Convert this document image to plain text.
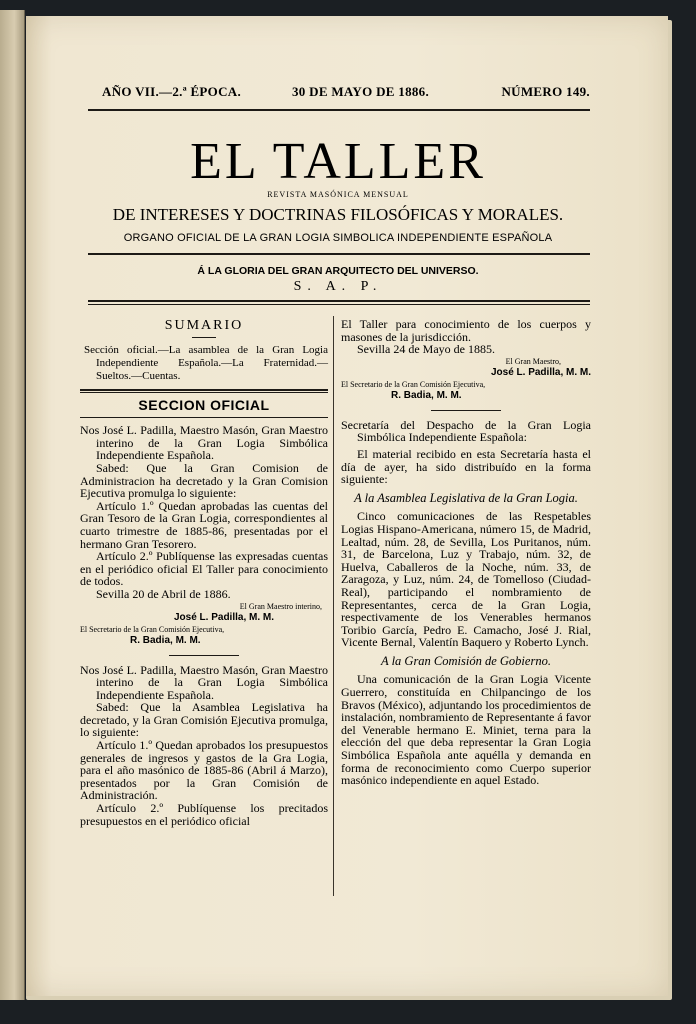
AÑO VII.—2.ª ÉPOCA.	30 DE MAYO DE 1886.	NÚMERO 149.
EL TALLER
REVISTA MASÓNICA MENSUAL
DE INTERESES Y DOCTRINAS FILOSÓFICAS Y MORALES.
ORGANO OFICIAL DE LA GRAN LOGIA SIMBOLICA INDEPENDIENTE ESPAÑOLA
Á LA GLORIA DEL GRAN ARQUITECTO DEL UNIVERSO.
S. A. P.
SUMARIO

Sección oficial.—La asamblea de la Gran Logia Independiente Española.—La Fraternidad.—Sueltos.—Cuentas.

SECCION OFICIAL

Nos José L. Padilla, Maestro Masón, Gran Maestro interino de la Gran Logia Simbólica Independiente Española.

Sabed: Que la Gran Comision de Administracion ha decretado y la Gran Comision Ejecutiva promulga lo siguiente:

Artículo 1.º Quedan aprobadas las cuentas del Gran Tesoro de la Gran Logia, correspondientes al cuarto trimestre de 1885-86, presentadas por el hermano Gran Tesorero.

Artículo 2.º Publíquense las expresadas cuentas en el periódico oficial El Taller para conocimiento de todos.

Sevilla 20 de Abril de 1886.

El Gran Maestro interino,

José L. Padilla, M. M.

El Secretario de la Gran Comisión Ejecutiva,

R. Badia, M. M.

Nos José L. Padilla, Maestro Masón, Gran Maestro interino de la Gran Logia Simbólica Independiente Española.

Sabed: Que la Asamblea Legislativa ha decretado, y la Gran Comisión Ejecutiva promulga, lo siguiente:

Artículo 1.º Quedan aprobados los presupuestos generales de ingresos y gastos de la Gra Logia, para el año masónico de 1885-86 (Abril á Marzo), presentados por la Gran Comisión de Administración.

Artículo 2.º Publíquense los precitados presupuestos en el periódico oficial

El Taller para conocimiento de los cuerpos y masones de la jurisdicción.

Sevilla 24 de Mayo de 1885.

El Gran Maestro,

José L. Padilla, M. M.

El Secretario de la Gran Comisión Ejecutiva,

R. Badia, M. M.

Secretaría del Despacho de la Gran Logia Simbólica Independiente Española:

El material recibido en esta Secretaría hasta el día de ayer, ha sido distribuído en la forma siguiente:

A la Asamblea Legislativa de la Gran Logia.

Cinco comunicaciones de las Respetables Logias Hispano-Americana, número 15, de Madrid, Lealtad, núm. 28, de Sevilla, Los Puritanos, núm. 31, de Barcelona, Luz y Trabajo, núm. 32, de Huelva, Caballeros de la Noche, núm. 33, de Zaragoza, y Luz, núm. 24, de Tomelloso (Ciudad-Real), participando el nombramiento de Representantes, cerca de la Gran Logia, respectivamente de los Venerables hermanos Toribio García, Pedro E. Camacho, José J. Rial, Vicente Bernal, Valentín Baquero y Roberto Lynch.

A la Gran Comisión de Gobierno.

Una comunicación de la Gran Logia Vicente Guerrero, constituída en Chilpancingo de los Bravos (México), adjuntando los procedimientos de instalación, nombramiento de Representante á favor del Venerable hermano E. Miniet, terna para la elección del que deba representar la Gran Logia Simbólica Española ante aquélla y demanda en forma de reconocimiento como Cuerpo superior masónico independiente en aquel Estado.
